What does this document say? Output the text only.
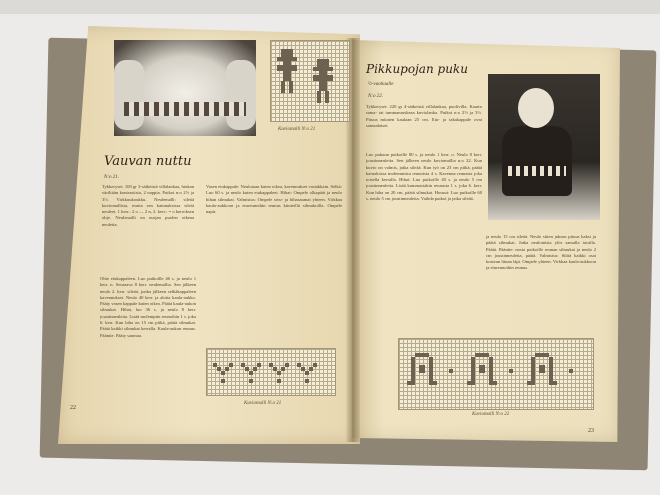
Kuviomalli N:o 21
Vauvan nuttu
N:o 21.
Tykkeryset: 100 gr 3-säikeistä villalankaa, hiukan väriltään kontrastista, 2 nappia. Puikot n:o 2½ ja 3½. Virkkuukoukku. Neulemalli: sileää kuviomallista, mutta sen kainnuksissa sileät neuleet. 1 kerr.: 2 o — 2 n, 2. kerr.: = o kerroksen ohje. Neulemalli on nurjan puolen oikeaa neuletta.
Ohie etukappaleen. Luo puikoille 46 s. ja neulo 1 kerr. n. Seuraava 8 kerr. neulemallia. Sen jälkeen neulo 2. kerr. sileää, jonka jälkeen selkäkappaleen kavennukset. Neulo 40 kerr. ja aloita kaula-aukko. Pääty vasen kappale kuten oikea. Päätä kaula-aukon silmukat. Hihat, luo 36 s. ja neulo 8 kerr. joustinneuletta. Lisää molempiin reunoihin 1 s. joka 6. kerr. Kun hiha on 15 cm pitkä, päätä silmukat. Päätä kaikki silmukat kerralla. Kaula-aukon reunus. Pääntie. Pääty saumaa.
Vasen etukappale: Neulotaan kuten oikea, kavennukset vastakkain. Selkä: Luo 60 s. ja neulo kuten etukappaleet. Hihat: Ompele olkapäät ja neulo hihan silmukat. Valmistus: Ompele sivu- ja hihasaumat yhteen. Virkkaa kaula-aukkoon ja etureunoihin reunus kiinteillä silmukoilla. Ompele napit.
Kuviomalli N:o 21
22
Pikkupojan puku
½-vuotiaalle
N:o 22.
Tykkeryset: 220 gr 4-säikeistä villalankaa, puolivilla. Kaarto sama- tai tummanruskeaa kuviolanka. Puikot n:o 2½ ja 3½. Pituus mitaten kaulaan 25 cm. Etu- ja takakappale ovat samanlaiset.
Luo pukuun puikoille 80 s. ja neulo 1 kerr. o. Neulo 8 kerr. joustinneuletta. Sen jälkeen neulo kuviomallia n:o 22. Kun kuvio on valmis, jatka sileää. Kun työ on 23 cm pitkä, päätä kainaloissa molemmista reunoista 4 s. Kavenna reunasta joka toisella kerralla. Hihat: Luo puikoille 40 s. ja neulo 5 cm joustinneuletta. Lisää kummastakin reunasta 1 s. joka 6. kerr. Kun hiha on 20 cm, päätä silmukat. Housut: Luo puikoille 60 s. neulo 5 cm joustinneuletta. Vaihda puikot ja jatka sileää.
ja neulo 15 cm sileää. Neulo sitten jakson pituus kaksi ja päätä silmukat. Jatka neulomista ylös samalla tavalla. Päätä. Pääntie: nosta puikoille reunan silmukat ja neulo 2 cm joustinneuletta, päätä. Valmistus: Silitä kaikki osat kostean liinan läpi. Ompele yhteen. Virkkaa kaula-aukkoon ja etureunoihin reunus.
Kuviomalli N:o 22
23
